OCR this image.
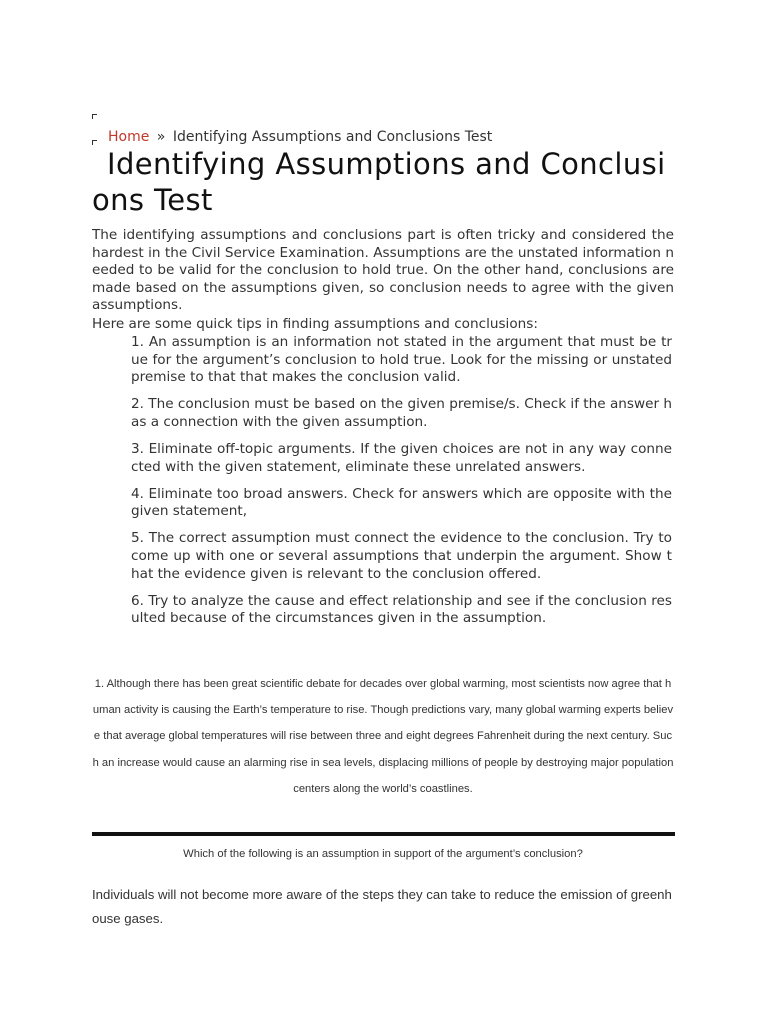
Home » Identifying Assumptions and Conclusions Test
Identifying Assumptions and Conclusions Test

The identifying assumptions and conclusions part is often tricky and considered the hardest in the Civil Service Examination. Assumptions are the unstated information needed to be valid for the conclusion to hold true. On the other hand, conclusions are made based on the assumptions given, so conclusion needs to agree with the given assumptions.

Here are some quick tips in finding assumptions and conclusions:

1. An assumption is an information not stated in the argument that must be true for the argument’s conclusion to hold true. Look for the missing or unstated premise to that that makes the conclusion valid.
2. The conclusion must be based on the given premise/s. Check if the answer has a connection with the given assumption.
3. Eliminate off-topic arguments. If the given choices are not in any way connected with the given statement, eliminate these unrelated answers.
4. Eliminate too broad answers. Check for answers which are opposite with the given statement,
5. The correct assumption must connect the evidence to the conclusion. Try to come up with one or several assumptions that underpin the argument. Show that the evidence given is relevant to the conclusion offered.
6. Try to analyze the cause and effect relationship and see if the conclusion resulted because of the circumstances given in the assumption.

1. Although there has been great scientific debate for decades over global warming, most scientists now agree that human activity is causing the Earth’s temperature to rise. Though predictions vary, many global warming experts believe that average global temperatures will rise between three and eight degrees Fahrenheit during the next century. Such an increase would cause an alarming rise in sea levels, displacing millions of people by destroying major population centers along the world’s coastlines.

Which of the following is an assumption in support of the argument’s conclusion?

Individuals will not become more aware of the steps they can take to reduce the emission of greenhouse gases.
